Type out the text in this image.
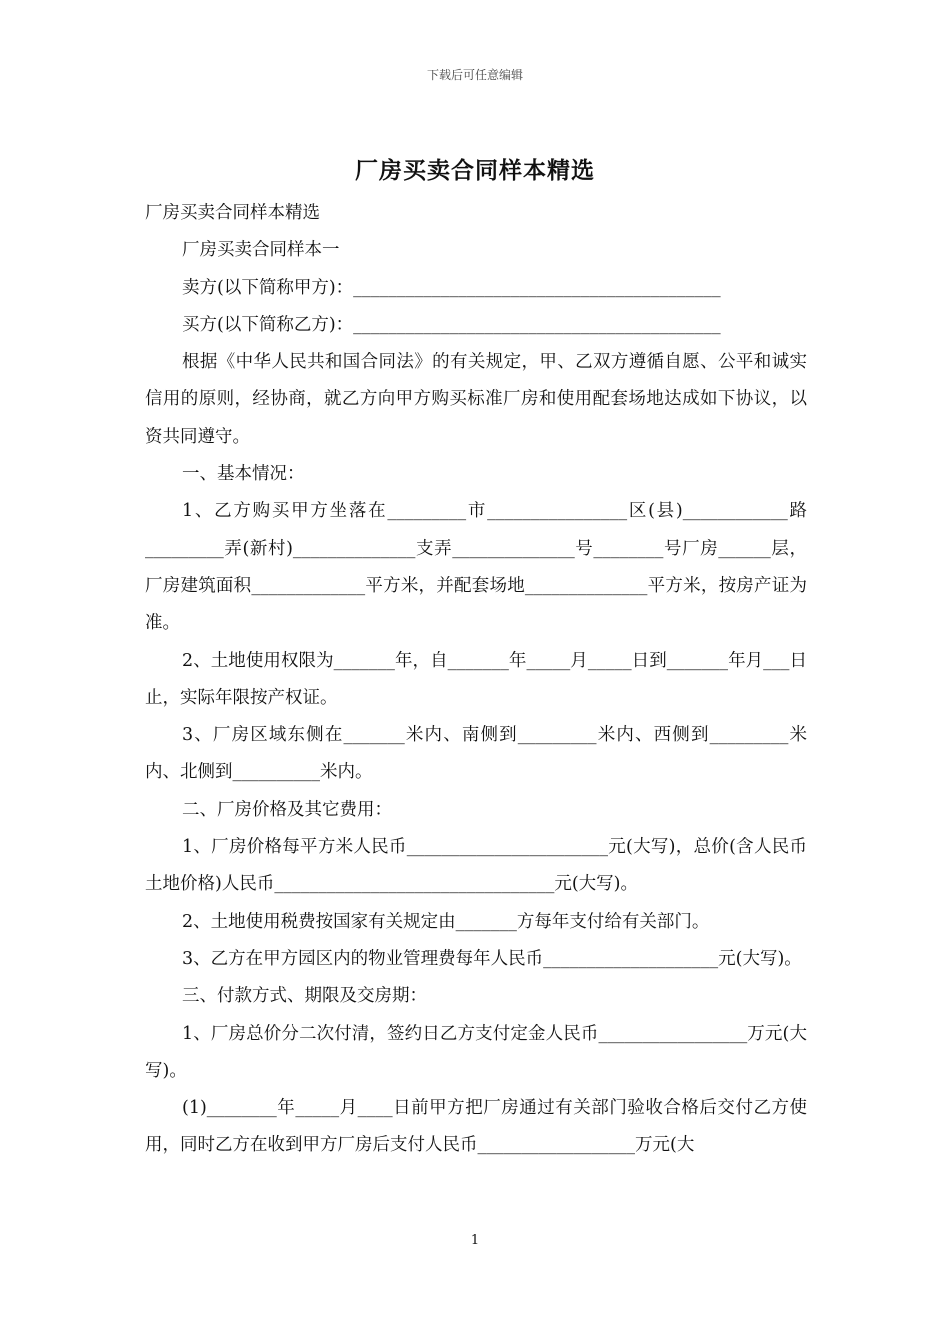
下载后可任意编辑
厂房买卖合同样本精选

厂房买卖合同样本精选

厂房买卖合同样本一

卖方(以下简称甲方)：__________________________________________

买方(以下简称乙方)：__________________________________________

根据《中华人民共和国合同法》的有关规定，甲、乙双方遵循自愿、公平和诚实信用的原则，经协商，就乙方向甲方购买标准厂房和使用配套场地达成如下协议，以资共同遵守。

一、基本情况：

1、乙方购买甲方坐落在_________市________________区(县)____________路_________弄(新村)______________支弄______________号________号厂房______层，厂房建筑面积_____________平方米，并配套场地______________平方米，按房产证为准。

2、土地使用权限为_______年，自_______年_____月_____日到_______年月___日止，实际年限按产权证。

3、厂房区域东侧在_______米内、南侧到_________米内、西侧到_________米内、北侧到__________米内。

二、厂房价格及其它费用：

1、厂房价格每平方米人民币_______________________元(大写)，总价(含人民币土地价格)人民币________________________________元(大写)。

2、土地使用税费按国家有关规定由_______方每年支付给有关部门。

3、乙方在甲方园区内的物业管理费每年人民币____________________元(大写)。

三、付款方式、期限及交房期：

1、厂房总价分二次付清，签约日乙方支付定金人民币_________________万元(大写)。

(1)________年_____月____日前甲方把厂房通过有关部门验收合格后交付乙方使用，同时乙方在收到甲方厂房后支付人民币__________________万元(大

1
